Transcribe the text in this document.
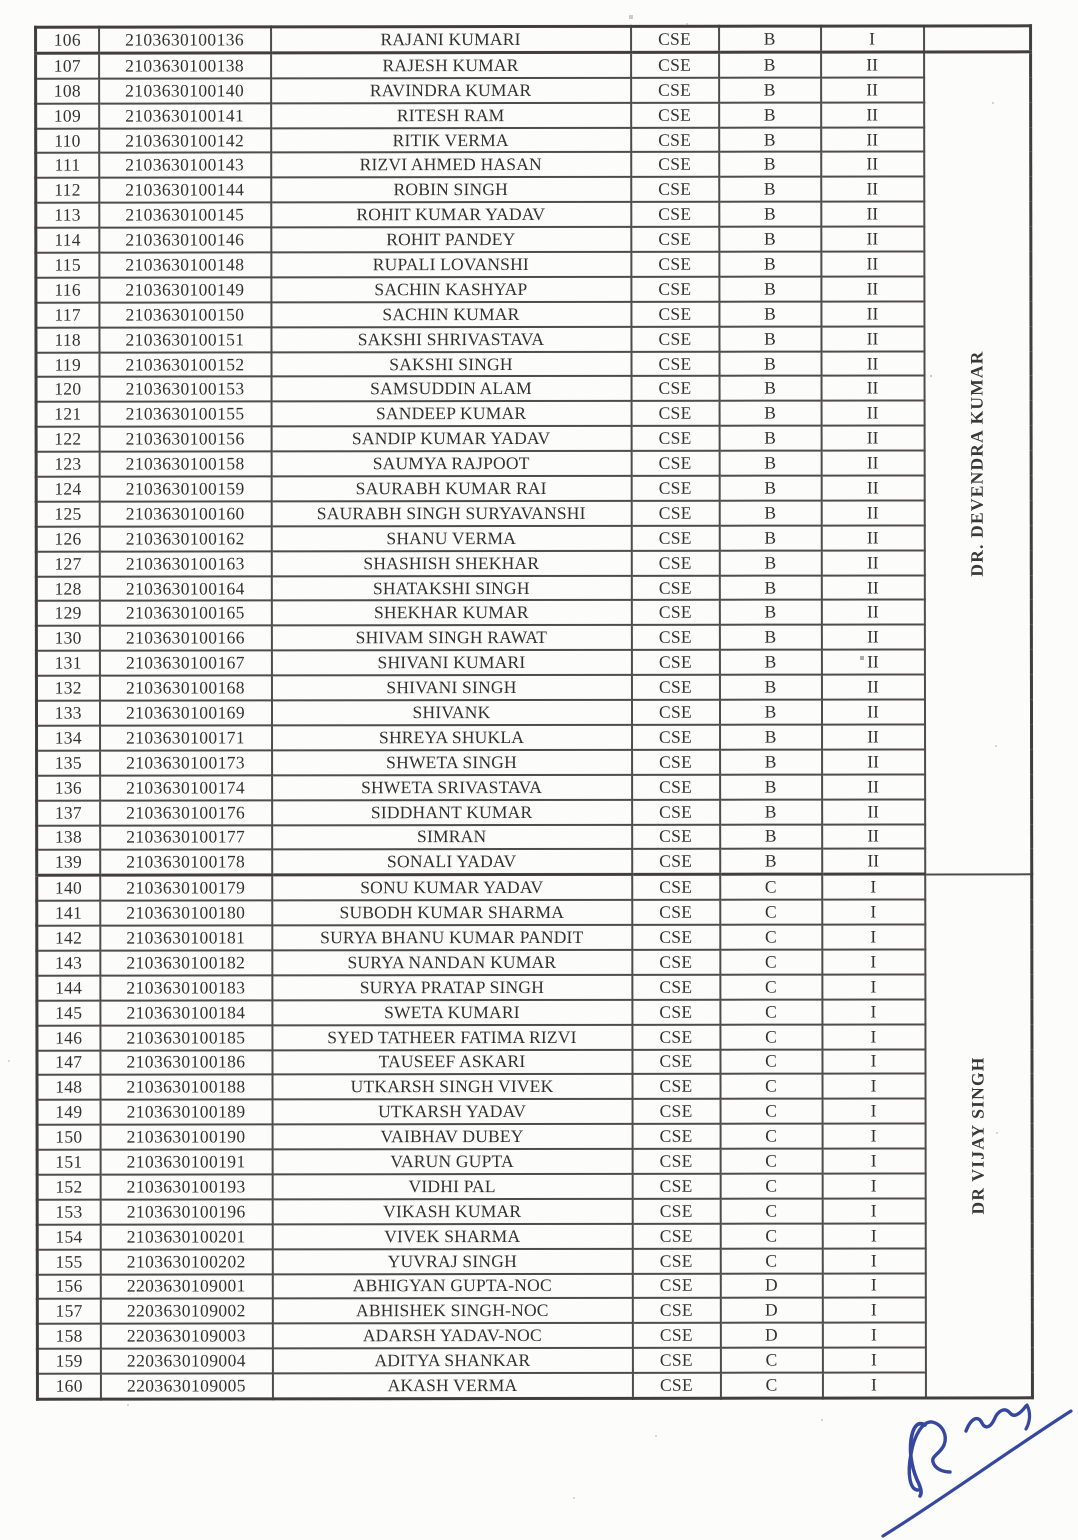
106	2103630100136	RAJANI KUMARI	CSE	B	I	

107	2103630100138	RAJESH KUMAR	CSE	B	II	DR. DEVENDRA KUMAR

108	2103630100140	RAVINDRA KUMAR	CSE	B	II	
109	2103630100141	RITESH RAM	CSE	B	II	
110	2103630100142	RITIK VERMA	CSE	B	II	
111	2103630100143	RIZVI AHMED HASAN	CSE	B	II	
112	2103630100144	ROBIN SINGH	CSE	B	II	
113	2103630100145	ROHIT KUMAR YADAV	CSE	B	II	
114	2103630100146	ROHIT PANDEY	CSE	B	II	
115	2103630100148	RUPALI LOVANSHI	CSE	B	II	
116	2103630100149	SACHIN KASHYAP	CSE	B	II	
117	2103630100150	SACHIN KUMAR	CSE	B	II	
118	2103630100151	SAKSHI SHRIVASTAVA	CSE	B	II	
119	2103630100152	SAKSHI SINGH	CSE	B	II	
120	2103630100153	SAMSUDDIN ALAM	CSE	B	II	
121	2103630100155	SANDEEP KUMAR	CSE	B	II	
122	2103630100156	SANDIP KUMAR YADAV	CSE	B	II	
123	2103630100158	SAUMYA RAJPOOT	CSE	B	II	
124	2103630100159	SAURABH KUMAR RAI	CSE	B	II	
125	2103630100160	SAURABH SINGH SURYAVANSHI	CSE	B	II	
126	2103630100162	SHANU VERMA	CSE	B	II	
127	2103630100163	SHASHISH SHEKHAR	CSE	B	II	
128	2103630100164	SHATAKSHI SINGH	CSE	B	II	
129	2103630100165	SHEKHAR KUMAR	CSE	B	II	
130	2103630100166	SHIVAM SINGH RAWAT	CSE	B	II	
131	2103630100167	SHIVANI KUMARI	CSE	B	II	
132	2103630100168	SHIVANI SINGH	CSE	B	II	
133	2103630100169	SHIVANK	CSE	B	II	
134	2103630100171	SHREYA SHUKLA	CSE	B	II	
135	2103630100173	SHWETA SINGH	CSE	B	II	
136	2103630100174	SHWETA SRIVASTAVA	CSE	B	II	
137	2103630100176	SIDDHANT KUMAR	CSE	B	II	
138	2103630100177	SIMRAN	CSE	B	II	
139	2103630100178	SONALI YADAV	CSE	B	II	
140	2103630100179	SONU KUMAR YADAV	CSE	C	I	DR VIJAY SINGH

141	2103630100180	SUBODH KUMAR SHARMA	CSE	C	I	
142	2103630100181	SURYA BHANU KUMAR PANDIT	CSE	C	I	
143	2103630100182	SURYA NANDAN KUMAR	CSE	C	I	
144	2103630100183	SURYA PRATAP SINGH	CSE	C	I	
145	2103630100184	SWETA KUMARI	CSE	C	I	
146	2103630100185	SYED TATHEER FATIMA RIZVI	CSE	C	I	
147	2103630100186	TAUSEEF ASKARI	CSE	C	I	
148	2103630100188	UTKARSH SINGH VIVEK	CSE	C	I	
149	2103630100189	UTKARSH YADAV	CSE	C	I	
150	2103630100190	VAIBHAV DUBEY	CSE	C	I	
151	2103630100191	VARUN GUPTA	CSE	C	I	
152	2103630100193	VIDHI PAL	CSE	C	I	
153	2103630100196	VIKASH KUMAR	CSE	C	I	
154	2103630100201	VIVEK SHARMA	CSE	C	I	
155	2103630100202	YUVRAJ SINGH	CSE	C	I	
156	2203630109001	ABHIGYAN GUPTA-NOC	CSE	D	I	
157	2203630109002	ABHISHEK SINGH-NOC	CSE	D	I	
158	2203630109003	ADARSH YADAV-NOC	CSE	D	I	
159	2203630109004	ADITYA SHANKAR	CSE	C	I	
160	2203630109005	AKASH VERMA	CSE	C	I	
